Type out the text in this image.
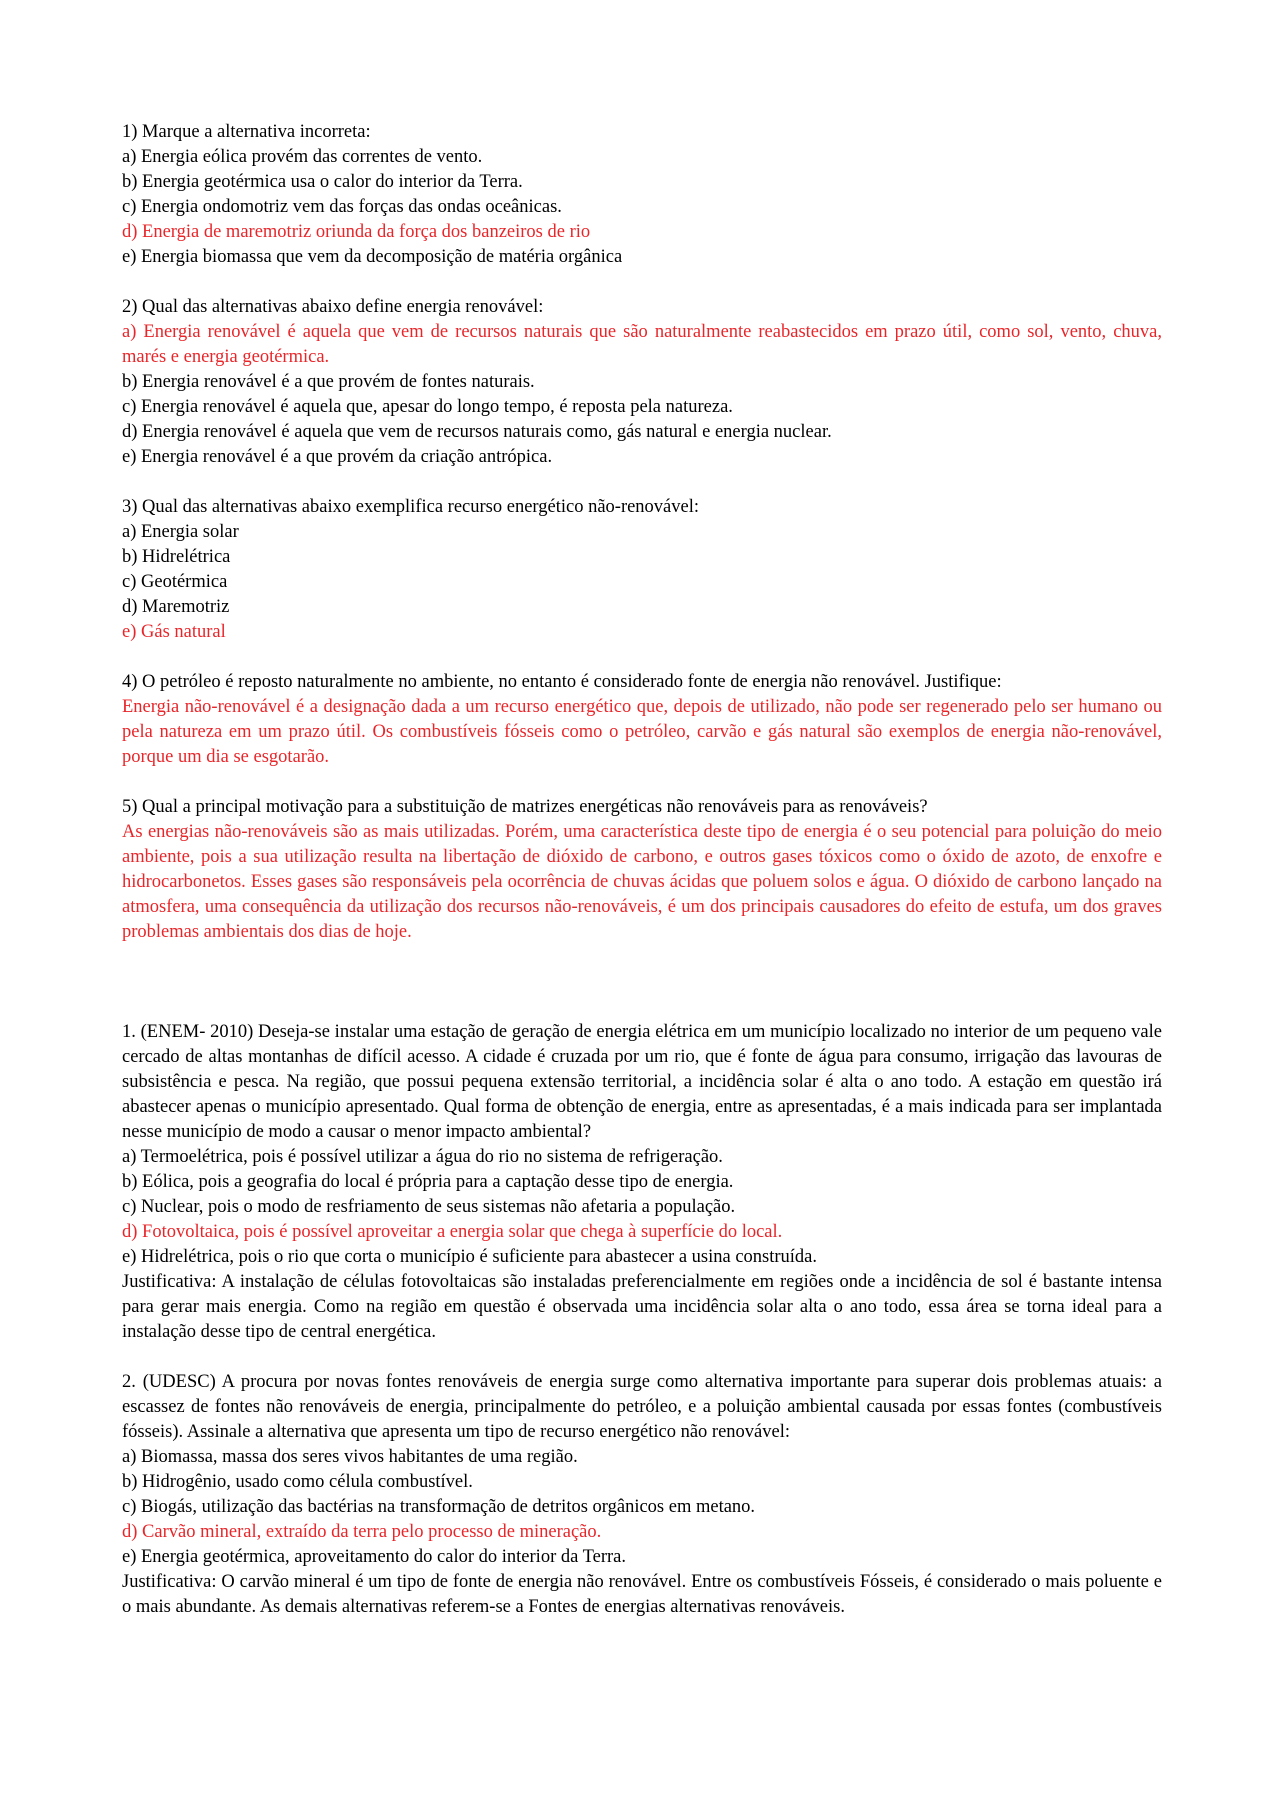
1) Marque a alternativa incorreta:
a) Energia eólica provém das correntes de vento.
b) Energia geotérmica usa o calor do interior da Terra.
c) Energia ondomotriz vem das forças das ondas oceânicas.
d) Energia de maremotriz oriunda da força dos banzeiros de rio
e) Energia biomassa que vem da decomposição de matéria orgânica
2) Qual das alternativas abaixo define energia renovável:
a) Energia renovável é aquela que vem de recursos naturais que são naturalmente reabastecidos em prazo útil, como sol, vento, chuva, marés e energia geotérmica.
b) Energia renovável é a que provém de fontes naturais.
c) Energia renovável é aquela que, apesar do longo tempo, é reposta pela natureza.
d) Energia renovável é aquela que vem de recursos naturais como, gás natural e energia nuclear.
e) Energia renovável é a que provém da criação antrópica.
3) Qual das alternativas abaixo exemplifica recurso energético não-renovável:
a) Energia solar
b) Hidrelétrica
c) Geotérmica
d) Maremotriz
e) Gás natural
4) O petróleo é reposto naturalmente no ambiente, no entanto é considerado fonte de energia não renovável. Justifique:
Energia não-renovável é a designação dada a um recurso energético que, depois de utilizado, não pode ser regenerado pelo ser humano ou pela natureza em um prazo útil. Os combustíveis fósseis como o petróleo, carvão e gás natural são exemplos de energia não-renovável, porque um dia se esgotarão.
5) Qual a principal motivação para a substituição de matrizes energéticas não renováveis para as renováveis?
As energias não-renováveis são as mais utilizadas. Porém, uma característica deste tipo de energia é o seu potencial para poluição do meio ambiente, pois a sua utilização resulta na libertação de dióxido de carbono, e outros gases tóxicos como o óxido de azoto, de enxofre e hidrocarbonetos. Esses gases são responsáveis pela ocorrência de chuvas ácidas que poluem solos e água. O dióxido de carbono lançado na atmosfera, uma consequência da utilização dos recursos não-renováveis, é um dos principais causadores do efeito de estufa, um dos graves problemas ambientais dos dias de hoje.
1. (ENEM- 2010) Deseja-se instalar uma estação de geração de energia elétrica em um município localizado no interior de um pequeno vale cercado de altas montanhas de difícil acesso. A cidade é cruzada por um rio, que é fonte de água para consumo, irrigação das lavouras de subsistência e pesca. Na região, que possui pequena extensão territorial, a incidência solar é alta o ano todo. A estação em questão irá abastecer apenas o município apresentado. Qual forma de obtenção de energia, entre as apresentadas, é a mais indicada para ser implantada nesse município de modo a causar o menor impacto ambiental?
a) Termoelétrica, pois é possível utilizar a água do rio no sistema de refrigeração.
b) Eólica, pois a geografia do local é própria para a captação desse tipo de energia.
c) Nuclear, pois o modo de resfriamento de seus sistemas não afetaria a população.
d) Fotovoltaica, pois é possível aproveitar a energia solar que chega à superfície do local.
e) Hidrelétrica, pois o rio que corta o município é suficiente para abastecer a usina construída.
Justificativa: A instalação de células fotovoltaicas são instaladas preferencialmente em regiões onde a incidência de sol é bastante intensa para gerar mais energia. Como na região em questão é observada uma incidência solar alta o ano todo, essa área se torna ideal para a instalação desse tipo de central energética.
2. (UDESC) A procura por novas fontes renováveis de energia surge como alternativa importante para superar dois problemas atuais: a escassez de fontes não renováveis de energia, principalmente do petróleo, e a poluição ambiental causada por essas fontes (combustíveis fósseis). Assinale a alternativa que apresenta um tipo de recurso energético não renovável:
a) Biomassa, massa dos seres vivos habitantes de uma região.
b) Hidrogênio, usado como célula combustível.
c) Biogás, utilização das bactérias na transformação de detritos orgânicos em metano.
d) Carvão mineral, extraído da terra pelo processo de mineração.
e) Energia geotérmica, aproveitamento do calor do interior da Terra.
Justificativa: O carvão mineral é um tipo de fonte de energia não renovável. Entre os combustíveis Fósseis, é considerado o mais poluente e o mais abundante. As demais alternativas referem-se a Fontes de energias alternativas renováveis.
